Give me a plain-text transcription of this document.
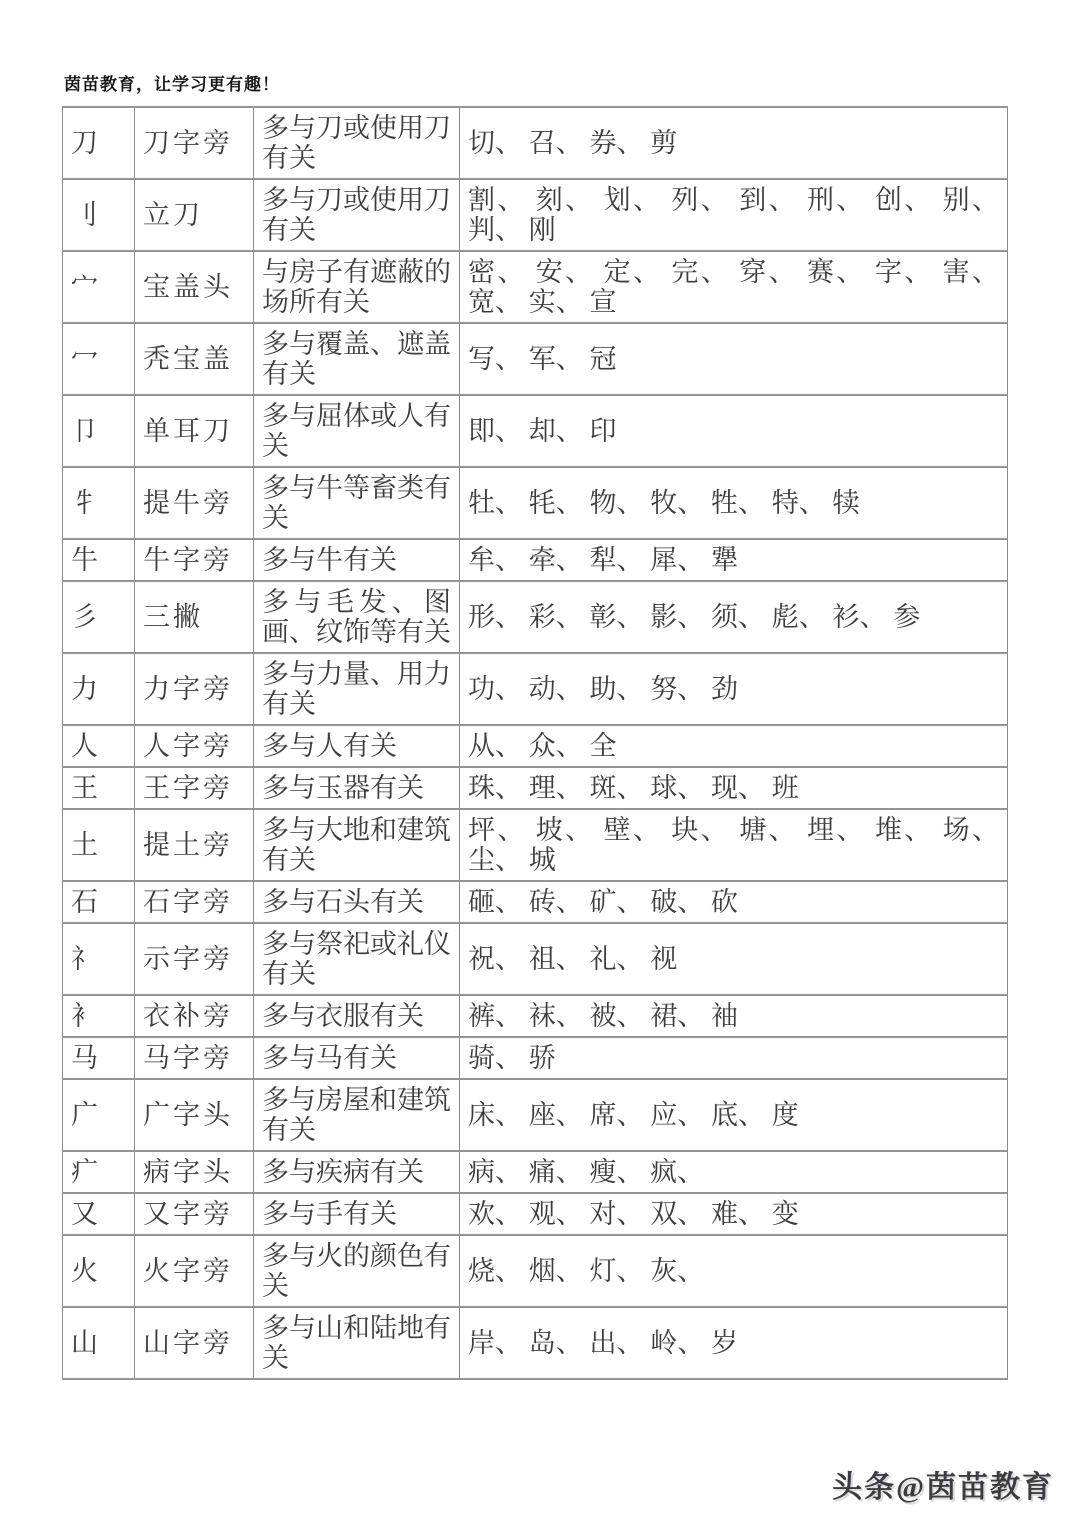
茵苗教育，让学习更有趣！
刀	刀字旁	多与刀或使用刀有关	切、 召、 券、 剪
刂	立刀	多与刀或使用刀有关	割、 刻、 划、 列、 到、 刑、 创、 别、 判、 刚
宀	宝盖头	与房子有遮蔽的场所有关	密、 安、 定、 完、 穿、 赛、 字、 害、 宽、 实、 宣
冖	秃宝盖	多与覆盖、遮盖有关	写、 军、 冠
卩	单耳刀	多与屈体或人有关	即、 却、 印
牜	提牛旁	多与牛等畜类有关	牡、 牦、 物、 牧、 牲、 特、 犊
牛	牛字旁	多与牛有关	牟、 牵、 犁、 犀、 犟
彡	三撇	多与毛发、图画、纹饰等有关	形、 彩、 彰、 影、 须、 彪、 衫、 参
力	力字旁	多与力量、用力有关	功、 动、 助、 努、 劲
人	人字旁	多与人有关	从、 众、 全
王	王字旁	多与玉器有关	珠、 理、 斑、 球、 现、 班
土	提土旁	多与大地和建筑有关	坪、 坡、 壁、 块、 塘、 埋、 堆、 场、 尘、 城
石	石字旁	多与石头有关	砸、 砖、 矿、 破、 砍
礻	示字旁	多与祭祀或礼仪有关	祝、 祖、 礼、 视
衤	衣补旁	多与衣服有关	裤、 袜、 被、 裙、 袖
马	马字旁	多与马有关	骑、 骄
广	广字头	多与房屋和建筑有关	床、 座、 席、 应、 底、 度
疒	病字头	多与疾病有关	病、 痛、 瘦、 疯、
又	又字旁	多与手有关	欢、 观、 对、 双、 难、 变
火	火字旁	多与火的颜色有关	烧、 烟、 灯、 灰、
山	山字旁	多与山和陆地有关	岸、 岛、 出、 岭、 岁
头条@茵苗教育
